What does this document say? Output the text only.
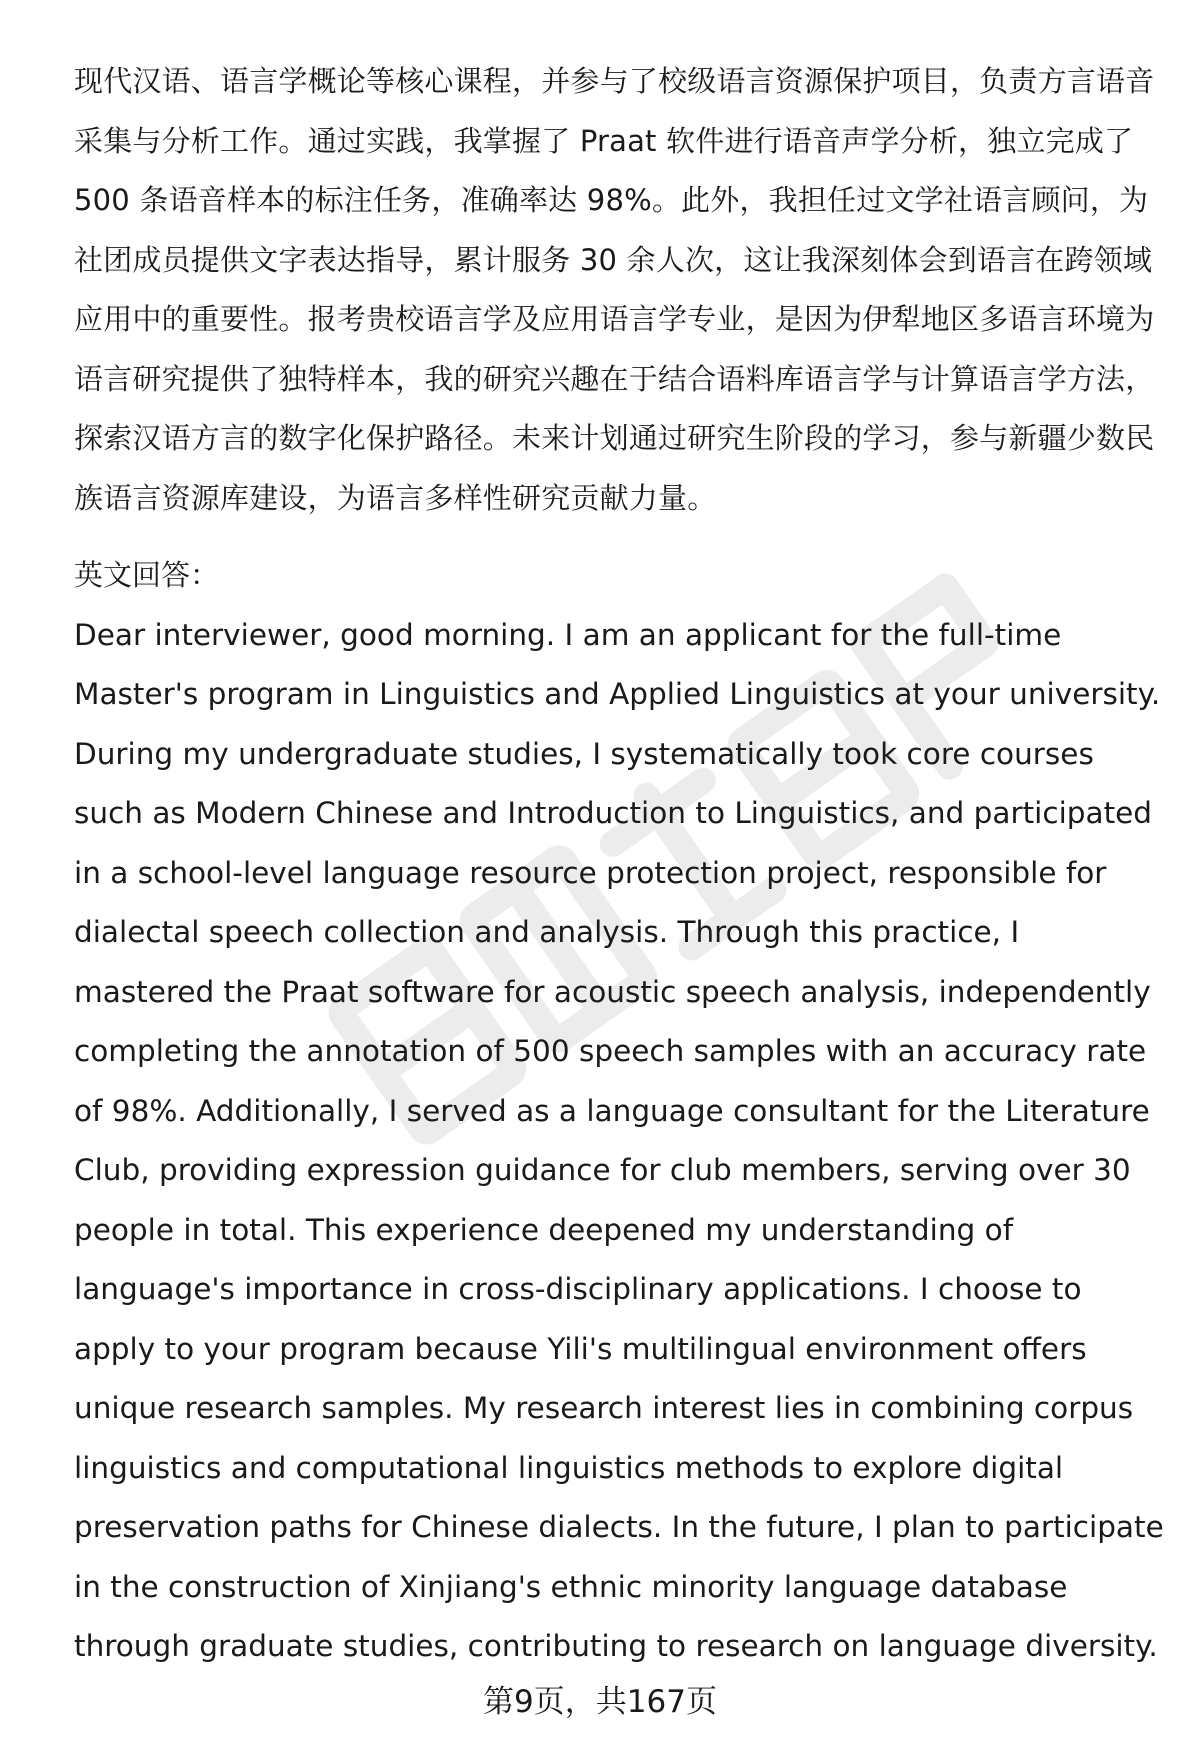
现代汉语、语言学概论等核心课程，并参与了校级语言资源保护项目，负责方言语音采集与分析工作。通过实践，我掌握了 Praat 软件进行语音声学分析，独立完成了 500 条语音样本的标注任务，准确率达 98%。此外，我担任过文学社语言顾问，为社团成员提供文字表达指导，累计服务 30 余人次，这让我深刻体会到语言在跨领域应用中的重要性。报考贵校语言学及应用语言学专业，是因为伊犁地区多语言环境为语言研究提供了独特样本，我的研究兴趣在于结合语料库语言学与计算语言学方法，探索汉语方言的数字化保护路径。未来计划通过研究生阶段的学习，参与新疆少数民族语言资源库建设，为语言多样性研究贡献力量。

英文回答：

Dear interviewer, good morning. I am an applicant for the full-time Master's program in Linguistics and Applied Linguistics at your university. During my undergraduate studies, I systematically took core courses such as Modern Chinese and Introduction to Linguistics, and participated in a school-level language resource protection project, responsible for dialectal speech collection and analysis. Through this practice, I mastered the Praat software for acoustic speech analysis, independently completing the annotation of 500 speech samples with an accuracy rate of 98%. Additionally, I served as a language consultant for the Literature Club, providing expression guidance for club members, serving over 30 people in total. This experience deepened my understanding of language's importance in cross-disciplinary applications. I choose to apply to your program because Yili's multilingual environment offers unique research samples. My research interest lies in combining corpus linguistics and computational linguistics methods to explore digital preservation paths for Chinese dialects. In the future, I plan to participate in the construction of Xinjiang's ethnic minority language database through graduate studies, contributing to research on language diversity.

第9页，共167页
